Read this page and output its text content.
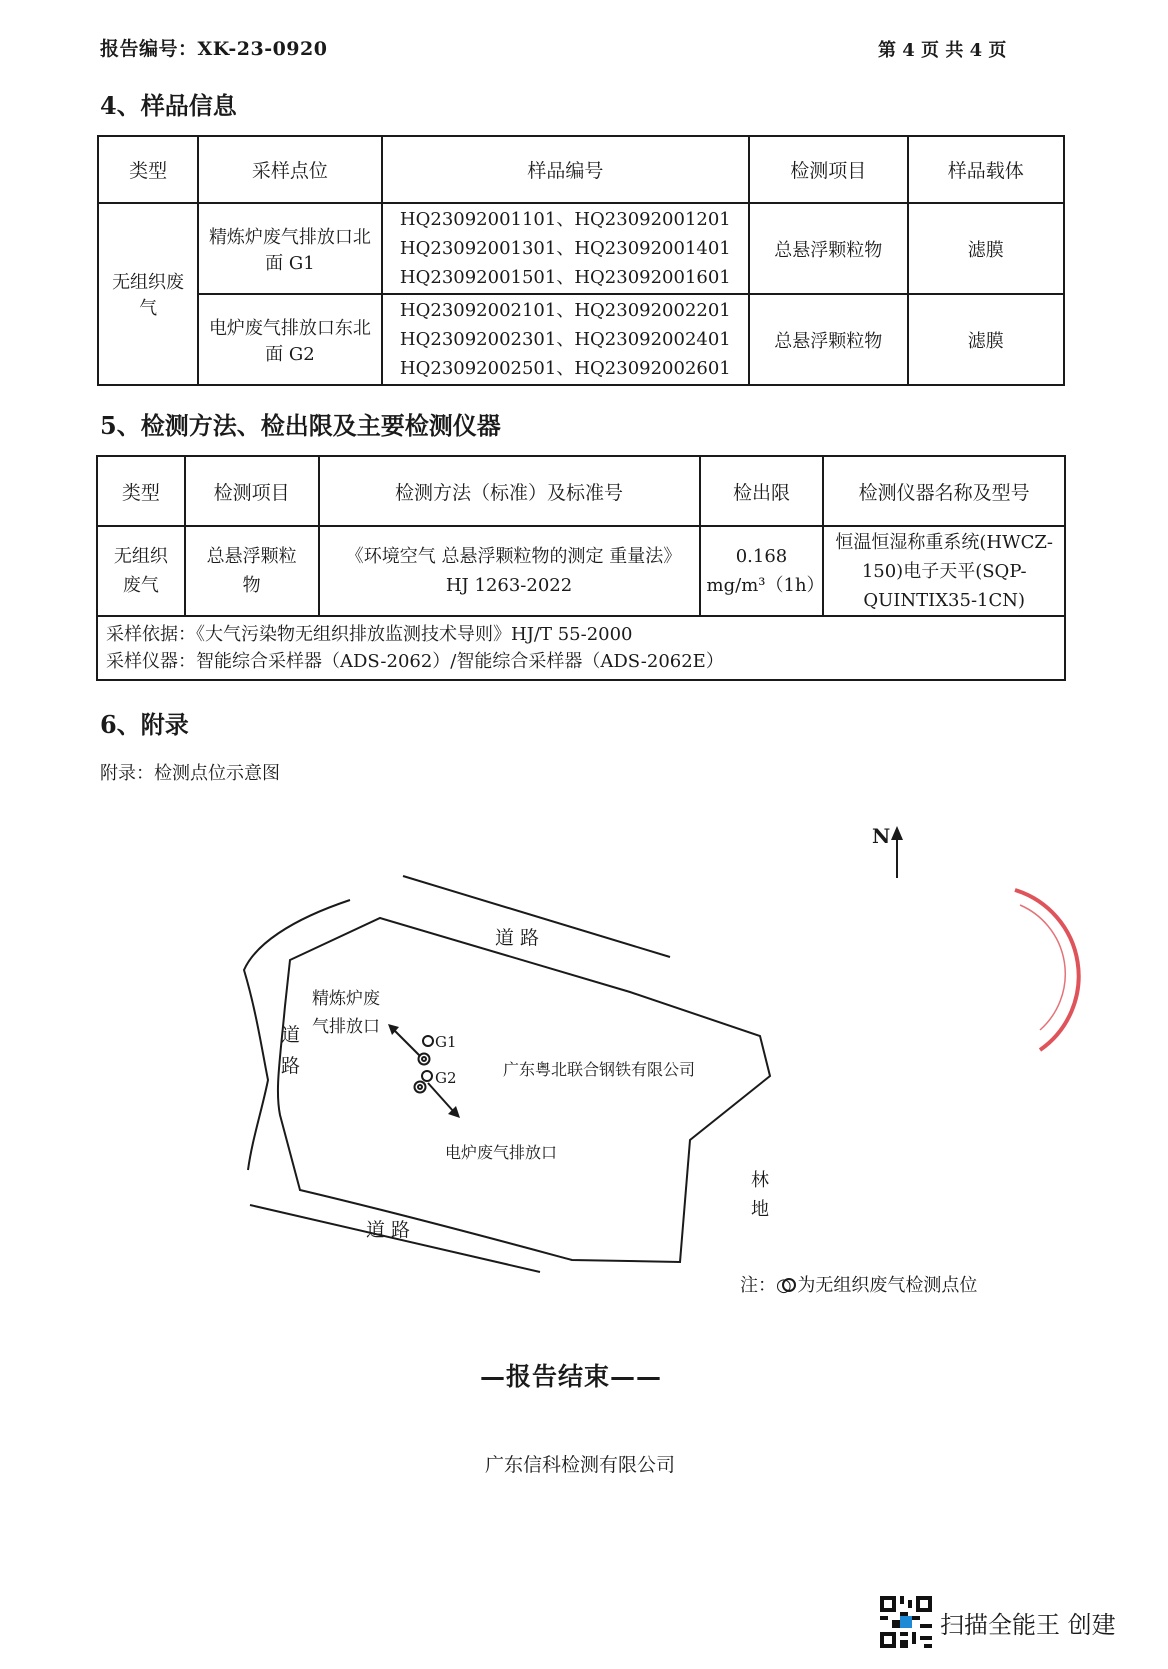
报告编号：XK-23-0920	第 4 页 共 4 页
4、样品信息
类型	采样点位	样品编号	检测项目	样品载体
无组织废气	精炼炉废气排放口北面 G1	HQ23092001101、HQ23092001201
HQ23092001301、HQ23092001401
HQ23092001501、HQ23092001601	总悬浮颗粒物	滤膜
	电炉废气排放口东北面 G2	HQ23092002101、HQ23092002201
HQ23092002301、HQ23092002401
HQ23092002501、HQ23092002601	总悬浮颗粒物	滤膜
5、检测方法、检出限及主要检测仪器
类型	检测项目	检测方法（标准）及标准号	检出限	检测仪器名称及型号
无组织废气	总悬浮颗粒物	《环境空气 总悬浮颗粒物的测定 重量法》HJ 1263-2022	0.168 mg/m³（1h）	恒温恒湿称重系统(HWCZ-150)电子天平(SQP-QUINTIX35-1CN)

采样依据：《大气污染物无组织排放监测技术导则》HJ/T 55-2000
采样仪器：智能综合采样器（ADS-2062）/智能综合采样器（ADS-2062E）				
6、附录
附录：检测点位示意图
N
道 路
道
路
道 路
精炼炉废
气排放口
G1
G2	广东粤北联合钢铁有限公司
电炉废气排放口
林
地
注：○ 为无组织废气检测点位
—报告结束——
广东信科检测有限公司
扫描全能王 创建
